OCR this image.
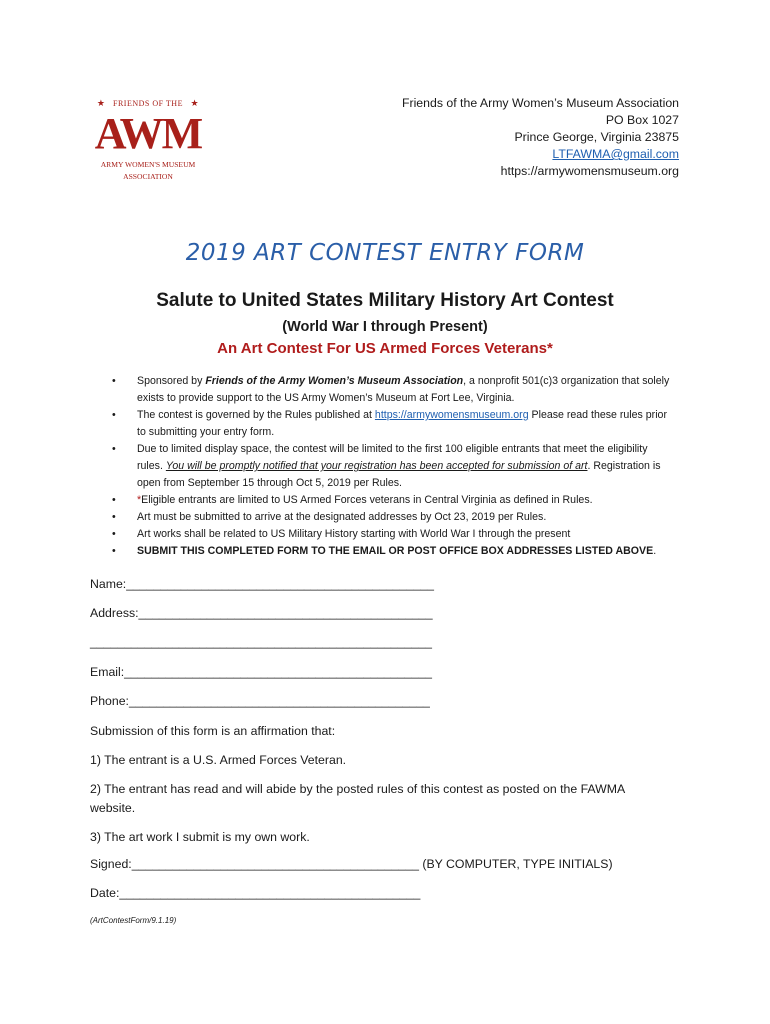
★ FRIENDS OF THE ★
AWM
ARMY WOMEN'S MUSEUM
ASSOCIATION
Friends of the Army Women’s Museum Association
PO Box 1027
Prince George, Virginia 23875
LTFAWMA@gmail.com
https://armywomensmuseum.org
2019 ART CONTEST ENTRY FORM
Salute to United States Military History Art Contest
(World War I through Present)
An Art Contest For US Armed Forces Veterans*
• Sponsored by Friends of the Army Women’s Museum Association, a nonprofit 501(c)3 organization that solely exists to provide support to the US Army Women’s Museum at Fort Lee, Virginia.
• The contest is governed by the Rules published at https://armywomensmuseum.org Please read these rules prior to submitting your entry form.
• Due to limited display space, the contest will be limited to the first 100 eligible entrants that meet the eligibility rules. You will be promptly notified that your registration has been accepted for submission of art. Registration is open from September 15 through Oct 5, 2019 per Rules.
• *Eligible entrants are limited to US Armed Forces veterans in Central Virginia as defined in Rules.
• Art must be submitted to arrive at the designated addresses by Oct 23, 2019 per Rules.
• Art works shall be related to US Military History starting with World War I through the present
• SUBMIT THIS COMPLETED FORM TO THE EMAIL OR POST OFFICE BOX ADDRESSES LISTED ABOVE.
Name:_____________________________________________
Address:___________________________________________
__________________________________________________
Email:_____________________________________________
Phone:____________________________________________
Submission of this form is an affirmation that:
1) The entrant is a U.S. Armed Forces Veteran.
2) The entrant has read and will abide by the posted rules of this contest as posted on the FAWMA website.
3) The art work I submit is my own work.
Signed:__________________________________________ (BY COMPUTER, TYPE INITIALS)
Date:____________________________________________
(ArtContestForm/9.1.19)
